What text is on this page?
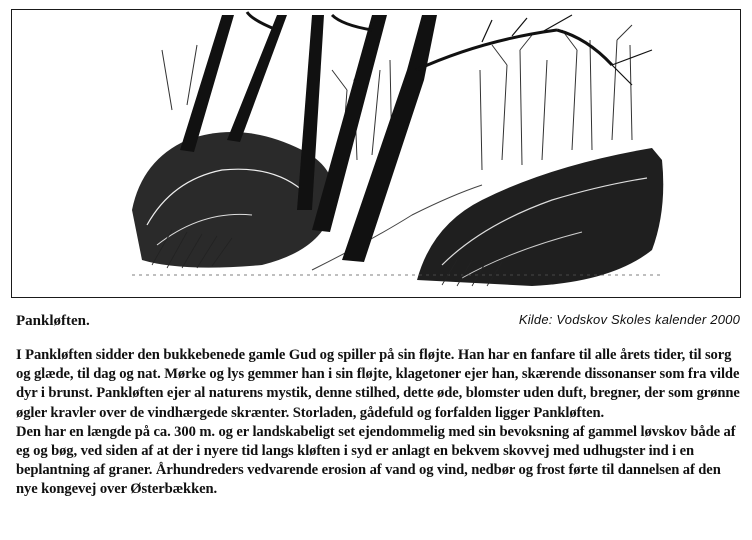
Pankløften.	Kilde: Vodskov Skoles kalender 2000

I Pankløften sidder den bukkebenede gamle Gud og spiller på sin fløjte. Han har en fanfare til alle årets tider, til sorg og glæde, til dag og nat. Mørke og lys gemmer han i sin fløjte, klagetoner ejer han, skærende dissonanser som fra vilde dyr i brunst. Pankløften ejer al naturens mystik, denne stilhed, dette øde, blomster uden duft, bregner, der som grønne øgler kravler over de vindhærgede skrænter. Storladen, gådefuld og forfalden ligger Pankløften.

Den har en længde på ca. 300 m. og er landskabeligt set ejendommelig med sin bevoksning af gammel løvskov både af eg og bøg, ved siden af at der i nyere tid langs kløften i syd er anlagt en bekvem skovvej med udhugster ind i en beplantning af graner. Århundreders vedvarende erosion af vand og vind, nedbør og frost førte til dannelsen af den nye kongevej over Østerbækken.
